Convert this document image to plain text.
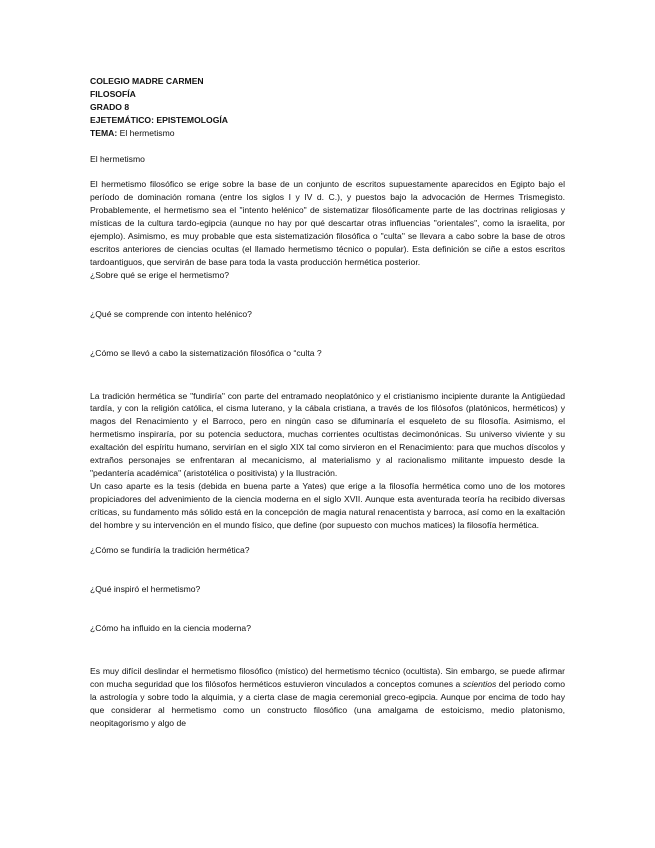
COLEGIO MADRE CARMEN

FILOSOFÍA

GRADO 8

EJETEMÁTICO: EPISTEMOLOGÍA

TEMA: El hermetismo

El hermetismo

El hermetismo filosófico se erige sobre la base de un conjunto de escritos supuestamente aparecidos en Egipto bajo el período de dominación romana (entre los siglos I y IV d. C.), y puestos bajo la advocación de Hermes Trismegisto. Probablemente, el hermetismo sea el "intento helénico" de sistematizar filosóficamente parte de las doctrinas religiosas y místicas de la cultura tardo-egipcia (aunque no hay por qué descartar otras influencias "orientales", como la israelita, por ejemplo). Asimismo, es muy probable que esta sistematización filosófica o "culta" se llevara a cabo sobre la base de otros escritos anteriores de ciencias ocultas (el llamado hermetismo técnico o popular). Esta definición se ciñe a estos escritos tardoantiguos, que servirán de base para toda la vasta producción hermética posterior.

¿Sobre qué se erige el hermetismo?

¿Qué se comprende con intento helénico?

¿Cómo se llevó a cabo la sistematización filosófica o “culta ?

La tradición hermética se "fundiría" con parte del entramado neoplatónico y el cristianismo incipiente durante la Antigüedad tardía, y con la religión católica, el cisma luterano, y la cábala cristiana, a través de los filósofos (platónicos, herméticos) y magos del Renacimiento y el Barroco, pero en ningún caso se difuminaría el esqueleto de su filosofía. Asimismo, el hermetismo inspiraría, por su potencia seductora, muchas corrientes ocultistas decimonónicas. Su universo viviente y su exaltación del espíritu humano, servirían en el siglo XIX tal como sirvieron en el Renacimiento: para que muchos díscolos y extraños personajes se enfrentaran al mecanicismo, al materialismo y al racionalismo militante impuesto desde la "pedantería académica" (aristotélica o positivista) y la Ilustración.

Un caso aparte es la tesis (debida en buena parte a Yates) que erige a la filosofía hermética como uno de los motores propiciadores del advenimiento de la ciencia moderna en el siglo XVII. Aunque esta aventurada teoría ha recibido diversas críticas, su fundamento más sólido está en la concepción de magia natural renacentista y barroca, así como en la exaltación del hombre y su intervención en el mundo físico, que define (por supuesto con muchos matices) la filosofía hermética.

¿Cómo se fundiría la tradición hermética?

¿Qué inspiró el hermetismo?

¿Cómo ha influido en la ciencia moderna?

Es muy difícil deslindar el hermetismo filosófico (místico) del hermetismo técnico (ocultista). Sin embargo, se puede afirmar con mucha seguridad que los filósofos herméticos estuvieron vinculados a conceptos comunes a scientios del periodo como la astrología y sobre todo la alquimia, y a cierta clase de magia ceremonial greco-egipcia. Aunque por encima de todo hay que considerar al hermetismo como un constructo filosófico (una amalgama de estoicismo, medio platonismo, neopitagorismo y algo de
